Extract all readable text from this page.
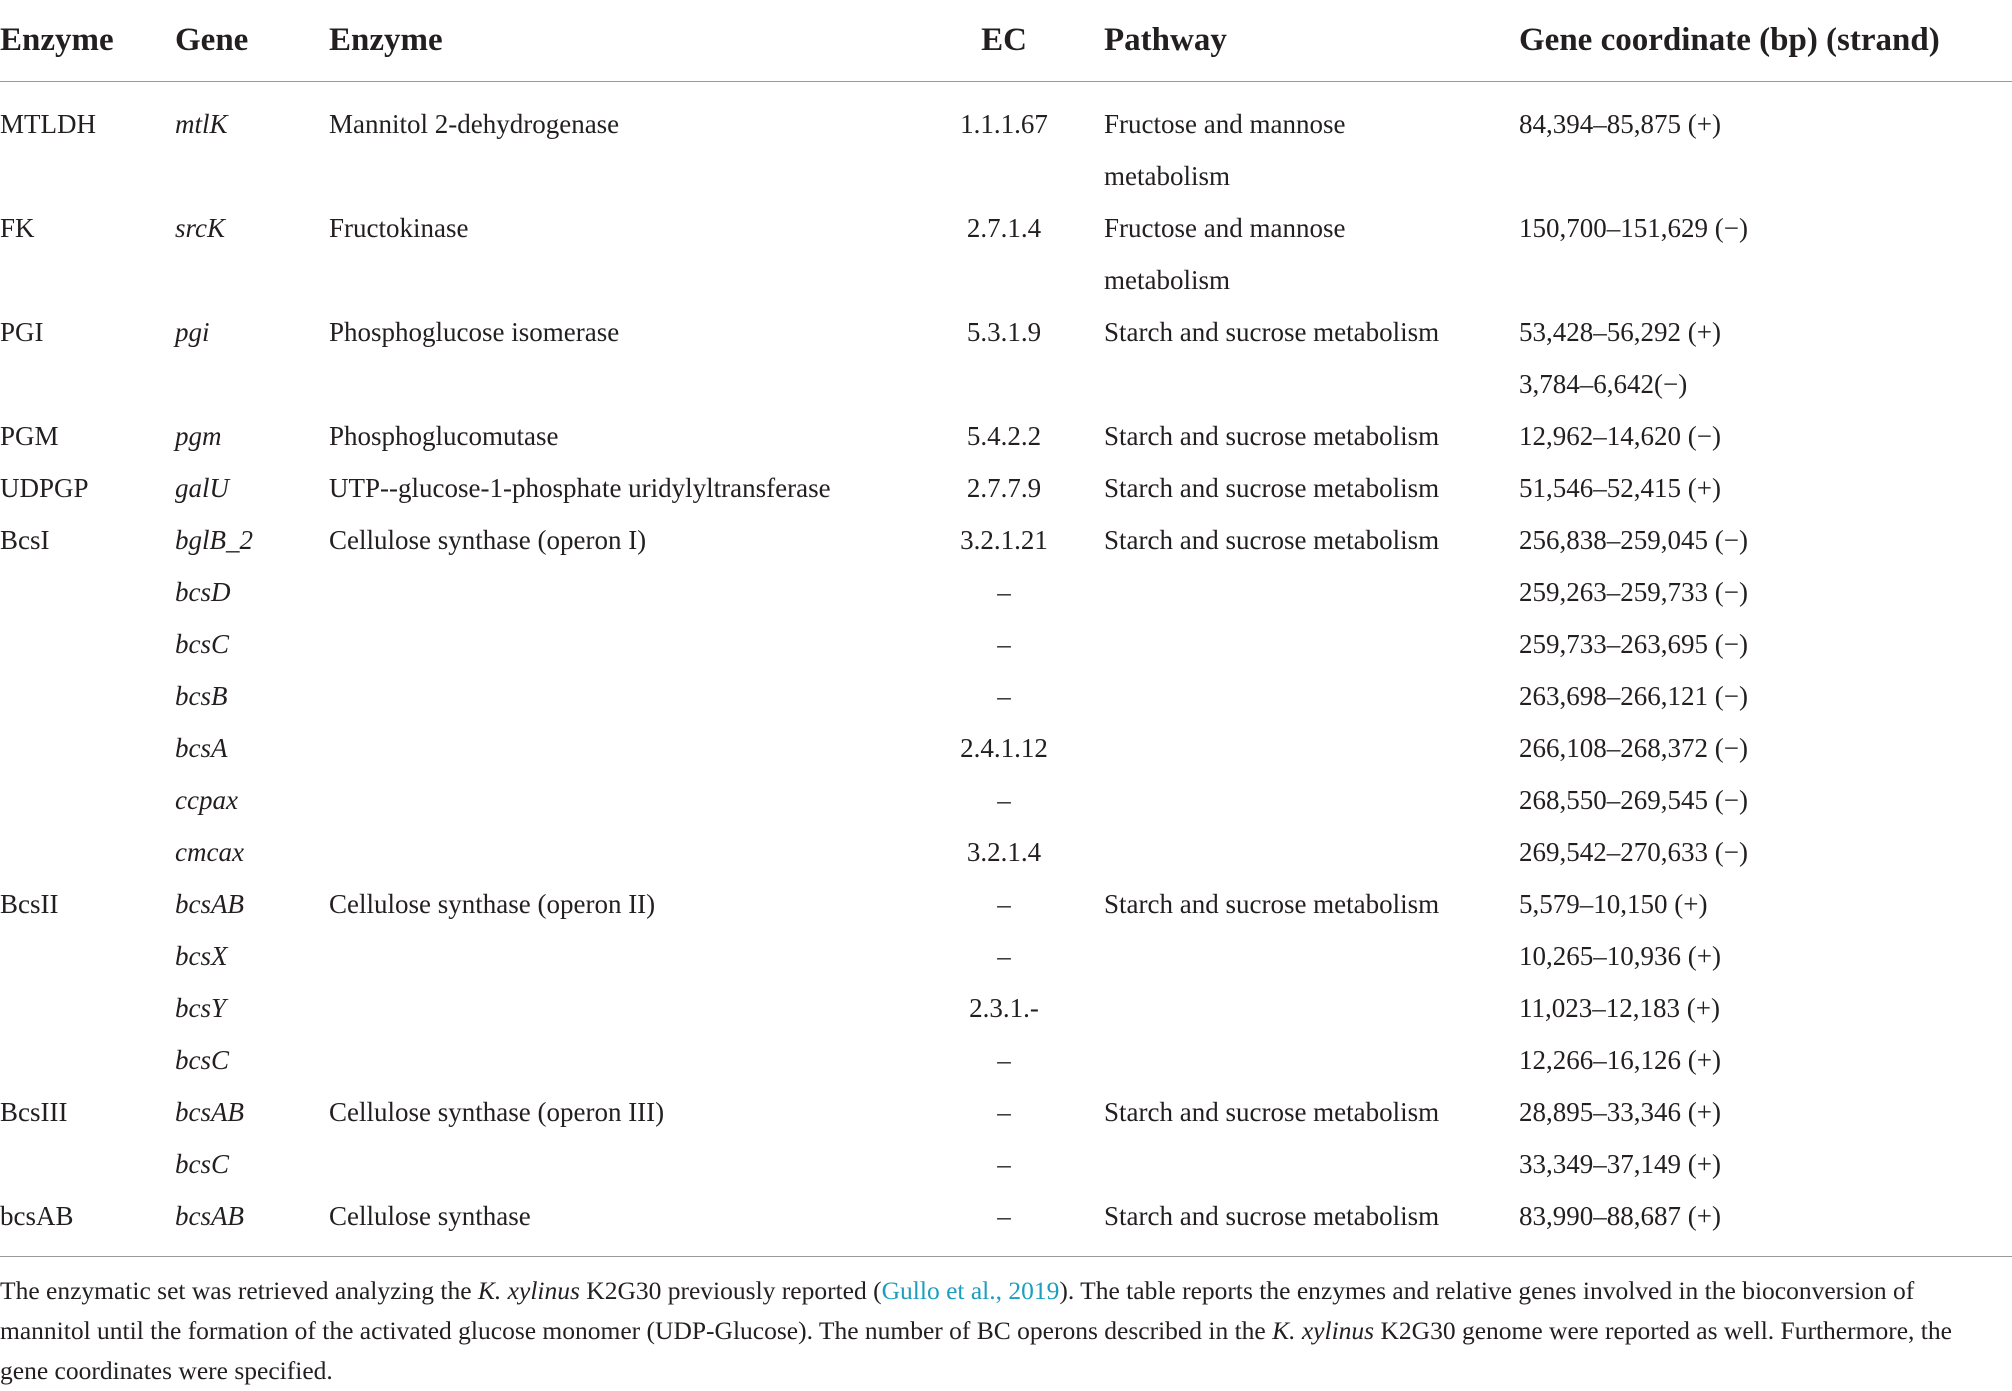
Enzyme	Gene	Enzyme	EC	Pathway	Gene coordinate (bp) (strand)
MTLDH	mtlK	Mannitol 2-dehydrogenase	1.1.1.67	Fructose and mannose	84,394–85,875 (+)
				metabolism	
FK	srcK	Fructokinase	2.7.1.4	Fructose and mannose	150,700–151,629 (−)
				metabolism	
PGI	pgi	Phosphoglucose isomerase	5.3.1.9	Starch and sucrose metabolism	53,428–56,292 (+)
					3,784–6,642(−)
PGM	pgm	Phosphoglucomutase	5.4.2.2	Starch and sucrose metabolism	12,962–14,620 (−)
UDPGP	galU	UTP--glucose-1-phosphate uridylyltransferase	2.7.7.9	Starch and sucrose metabolism	51,546–52,415 (+)
BcsI	bglB_2	Cellulose synthase (operon I)	3.2.1.21	Starch and sucrose metabolism	256,838–259,045 (−)
	bcsD		–		259,263–259,733 (−)
	bcsC		–		259,733–263,695 (−)
	bcsB		–		263,698–266,121 (−)
	bcsA		2.4.1.12		266,108–268,372 (−)
	ccpax		–		268,550–269,545 (−)
	cmcax		3.2.1.4		269,542–270,633 (−)
BcsII	bcsAB	Cellulose synthase (operon II)	–	Starch and sucrose metabolism	5,579–10,150 (+)
	bcsX		–		10,265–10,936 (+)
	bcsY		2.3.1.-		11,023–12,183 (+)
	bcsC		–		12,266–16,126 (+)
BcsIII	bcsAB	Cellulose synthase (operon III)	–	Starch and sucrose metabolism	28,895–33,346 (+)
	bcsC		–		33,349–37,149 (+)
bcsAB	bcsAB	Cellulose synthase	–	Starch and sucrose metabolism	83,990–88,687 (+)
The enzymatic set was retrieved analyzing the K. xylinus K2G30 previously reported (Gullo et al., 2019). The table reports the enzymes and relative genes involved in the bioconversion of mannitol until the formation of the activated glucose monomer (UDP-Glucose). The number of BC operons described in the K. xylinus K2G30 genome were reported as well. Furthermore, the gene coordinates were specified.
